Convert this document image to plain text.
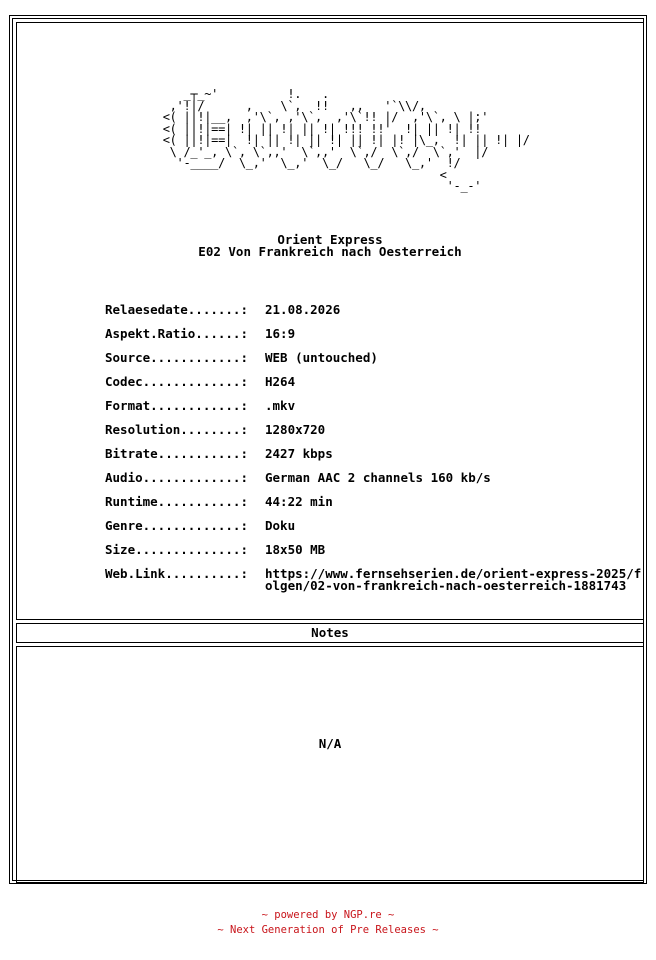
_┬_~'          !.   .
,'!|/      ,    \`,  !!   ,,   '`\\/,
<( ||!|__,  ,'\`, ,'\`,  ,'\`!! |/  ,'\`, \ |;'
<( ||!|==| !| || !| || !| !!! !!'  !| || !| !!
<( ||!|==|  !| || !| || !| || !| |! |\_,  !| || !| |/
\ /_'_, \`, \`,,'  \`,,'  \`,/  \`,/  \`,'  |/
'-____/  \_,'  \_,'  \_/   \_/   \_,'  !/
<
'-_-'
Orient Express
E02 Von Frankreich nach Oesterreich
Relaesedate.......: 21.08.2026
Aspekt.Ratio......: 16:9
Source............: WEB (untouched)
Codec.............: H264
Format............: .mkv
Resolution........: 1280x720
Bitrate...........: 2427 kbps
Audio.............: German AAC 2 channels 160 kb/s
Runtime...........: 44:22 min
Genre.............: Doku
Size..............: 18x50 MB
Web.Link..........: https://www.fernsehserien.de/orient-express-2025/folgen/02-von-frankreich-nach-oesterreich-1881743
Notes
N/A
~ powered by NGP.re ~
~ Next Generation of Pre Releases ~
